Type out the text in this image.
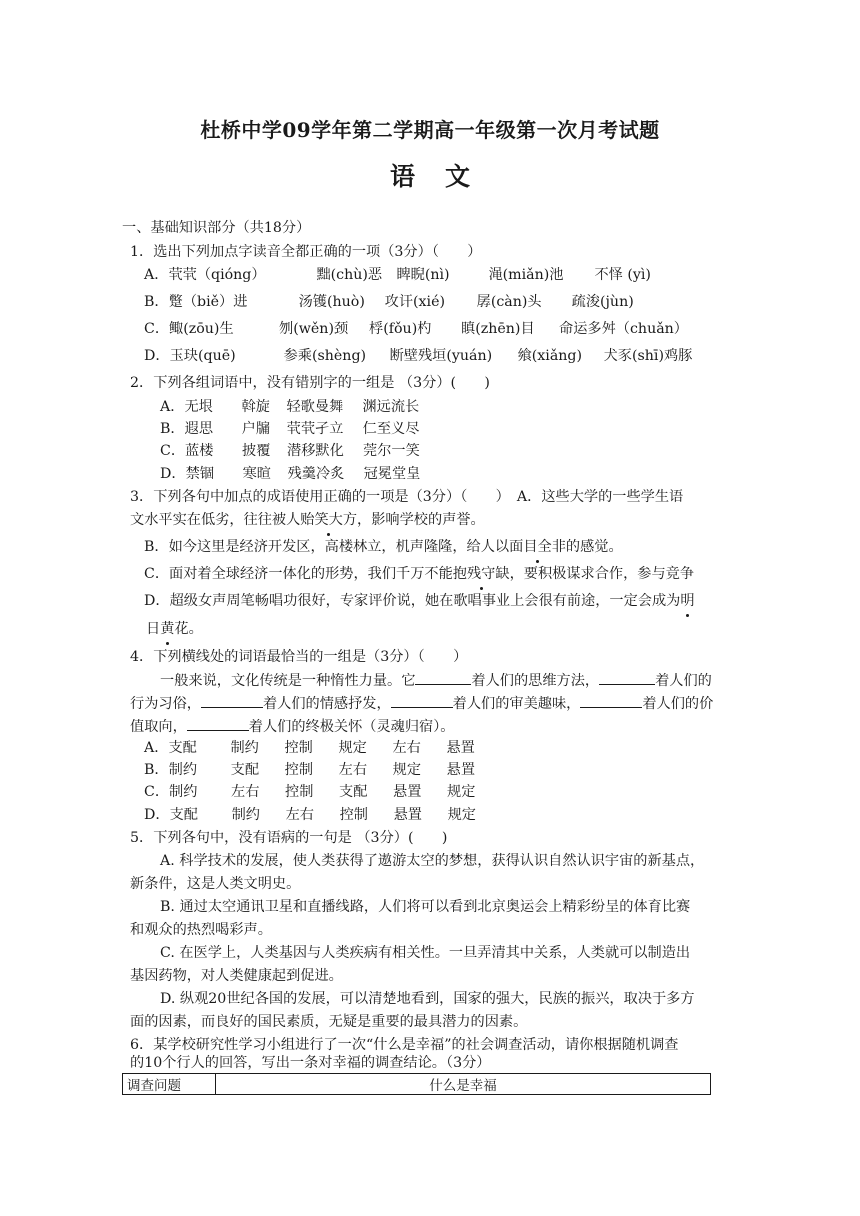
杜桥中学09学年第二学期高一年级第一次月考试题
语文
一、基础知识部分（共18分）
1．选出下列加点字读音全都正确的一项（3分）（　　）
A．茕茕（qióng）	黜(chù)恶 睥睨(nì)	渑(miǎn)池 不怿 (yì)
B．蹩（biě）进	汤镬(huò) 攻讦(xié) 孱(càn)头 疏浚(jùn)
C．鲰(zōu)生	刎(wěn)颈 桴(fǒu)杓 瞋(zhēn)目 命运多舛（chuǎn）
D．玉玦(quē)	参乘(shèng) 断壁残垣(yuán) 飨(xiǎng) 犬豕(shī)鸡豚
2．下列各组词语中，没有错别字的一组是 （3分）(　　)
A．无垠 斡旋 轻歌曼舞 渊远流长
B．遐思 户牖 茕茕孑立 仁至义尽
C．蓝楼 披覆 潜移默化 莞尔一笑
D．禁锢 寒暄 残羹冷炙 冠冕堂皇
3．下列各句中加点的成语使用正确的一项是（3分）（　　）　A．这些大学的一些学生语
文水平实在低劣，往往被人贻笑大方，影响学校的声誉。
B．如今这里是经济开发区，高楼林立，机声隆隆，给人以面目全非的感觉。
C．面对着全球经济一体化的形势，我们千万不能抱残守缺，要积极谋求合作，参与竞争
D．超级女声周笔畅唱功很好，专家评价说，她在歌唱事业上会很有前途，一定会成为明
日黄花。
4．下列横线处的词语最恰当的一组是（3分）（　　）
一般来说，文化传统是一种惰性力量。它	着人们的思维方法，	着人们的
行为习俗，	着人们的情感抒发，	着人们的审美趣味，	着人们的价
值取向，	着人们的终极关怀（灵魂归宿）。
A．支配 制约 控制 规定 左右 悬置
B．制约 支配 控制 左右 规定 悬置
C．制约 左右 控制 支配 悬置 规定
D．支配 制约 左右 控制 悬置 规定
5．下列各句中，没有语病的一句是 （3分）(　　)
A. 科学技术的发展，使人类获得了遨游太空的梦想，获得认识自然认识宇宙的新基点，
新条件，这是人类文明史。
B. 通过太空通讯卫星和直播线路，人们将可以看到北京奥运会上精彩纷呈的体育比赛
和观众的热烈喝彩声。
C. 在医学上，人类基因与人类疾病有相关性。一旦弄清其中关系，人类就可以制造出
基因药物，对人类健康起到促进。
D. 纵观20世纪各国的发展，可以清楚地看到，国家的强大，民族的振兴，取决于多方
面的因素，而良好的国民素质，无疑是重要的最具潜力的因素。
6．某学校研究性学习小组进行了一次“什么是幸福”的社会调查活动，请你根据随机调查
的10个行人的回答，写出一条对幸福的调查结论。（3分）
调查问题	什么是幸福
